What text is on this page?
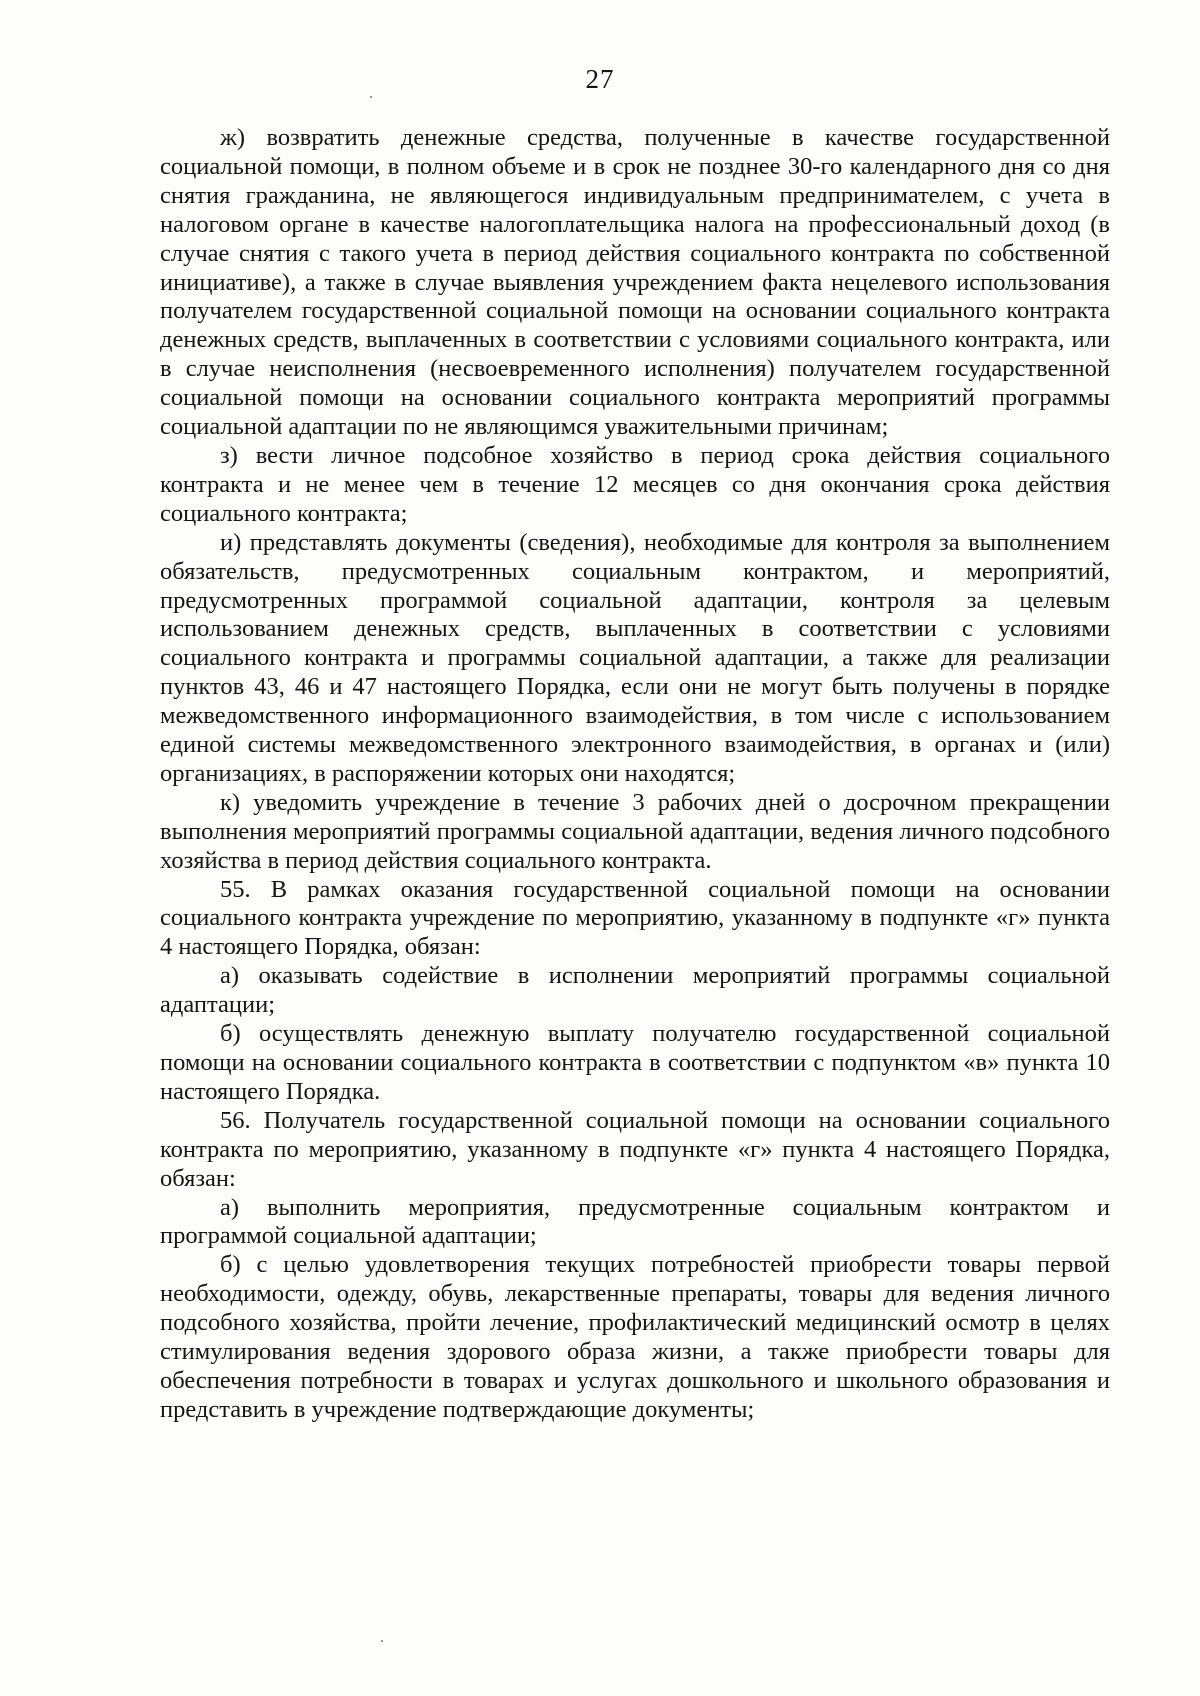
27

ж) возвратить денежные средства, полученные в качестве государственной социальной помощи, в полном объеме и в срок не позднее 30-го календарного дня со дня снятия гражданина, не являющегося индивидуальным предпринимателем, с учета в налоговом органе в качестве налогоплательщика налога на профессиональный доход (в случае снятия с такого учета в период действия социального контракта по собственной инициативе), а также в случае выявления учреждением факта нецелевого использования получателем государственной социальной помощи на основании социального контракта денежных средств, выплаченных в соответствии с условиями социального контракта, или в случае неисполнения (несвоевременного исполнения) получателем государственной социальной помощи на основании социального контракта мероприятий программы социальной адаптации по не являющимся уважительными причинам;

з) вести личное подсобное хозяйство в период срока действия социального контракта и не менее чем в течение 12 месяцев со дня окончания срока действия социального контракта;

и) представлять документы (сведения), необходимые для контроля за выполнением обязательств, предусмотренных социальным контрактом, и мероприятий, предусмотренных программой социальной адаптации, контроля за целевым использованием денежных средств, выплаченных в соответствии с условиями социального контракта и программы социальной адаптации, а также для реализации пунктов 43, 46 и 47 настоящего Порядка, если они не могут быть получены в порядке межведомственного информационного взаимодействия, в том числе с использованием единой системы межведомственного электронного взаимодействия, в органах и (или) организациях, в распоряжении которых они находятся;

к) уведомить учреждение в течение 3 рабочих дней о досрочном прекращении выполнения мероприятий программы социальной адаптации, ведения личного подсобного хозяйства в период действия социального контракта.

55. В рамках оказания государственной социальной помощи на основании социального контракта учреждение по мероприятию, указанному в подпункте «г» пункта 4 настоящего Порядка, обязан:

а) оказывать содействие в исполнении мероприятий программы социальной адаптации;

б) осуществлять денежную выплату получателю государственной социальной помощи на основании социального контракта в соответствии с подпунктом «в» пункта 10 настоящего Порядка.

56. Получатель государственной социальной помощи на основании социального контракта по мероприятию, указанному в подпункте «г» пункта 4 настоящего Порядка, обязан:

а) выполнить мероприятия, предусмотренные социальным контрактом и программой социальной адаптации;

б) с целью удовлетворения текущих потребностей приобрести товары первой необходимости, одежду, обувь, лекарственные препараты, товары для ведения личного подсобного хозяйства, пройти лечение, профилактический медицинский осмотр в целях стимулирования ведения здорового образа жизни, а также приобрести товары для обеспечения потребности в товарах и услугах дошкольного и школьного образования и представить в учреждение подтверждающие документы;
